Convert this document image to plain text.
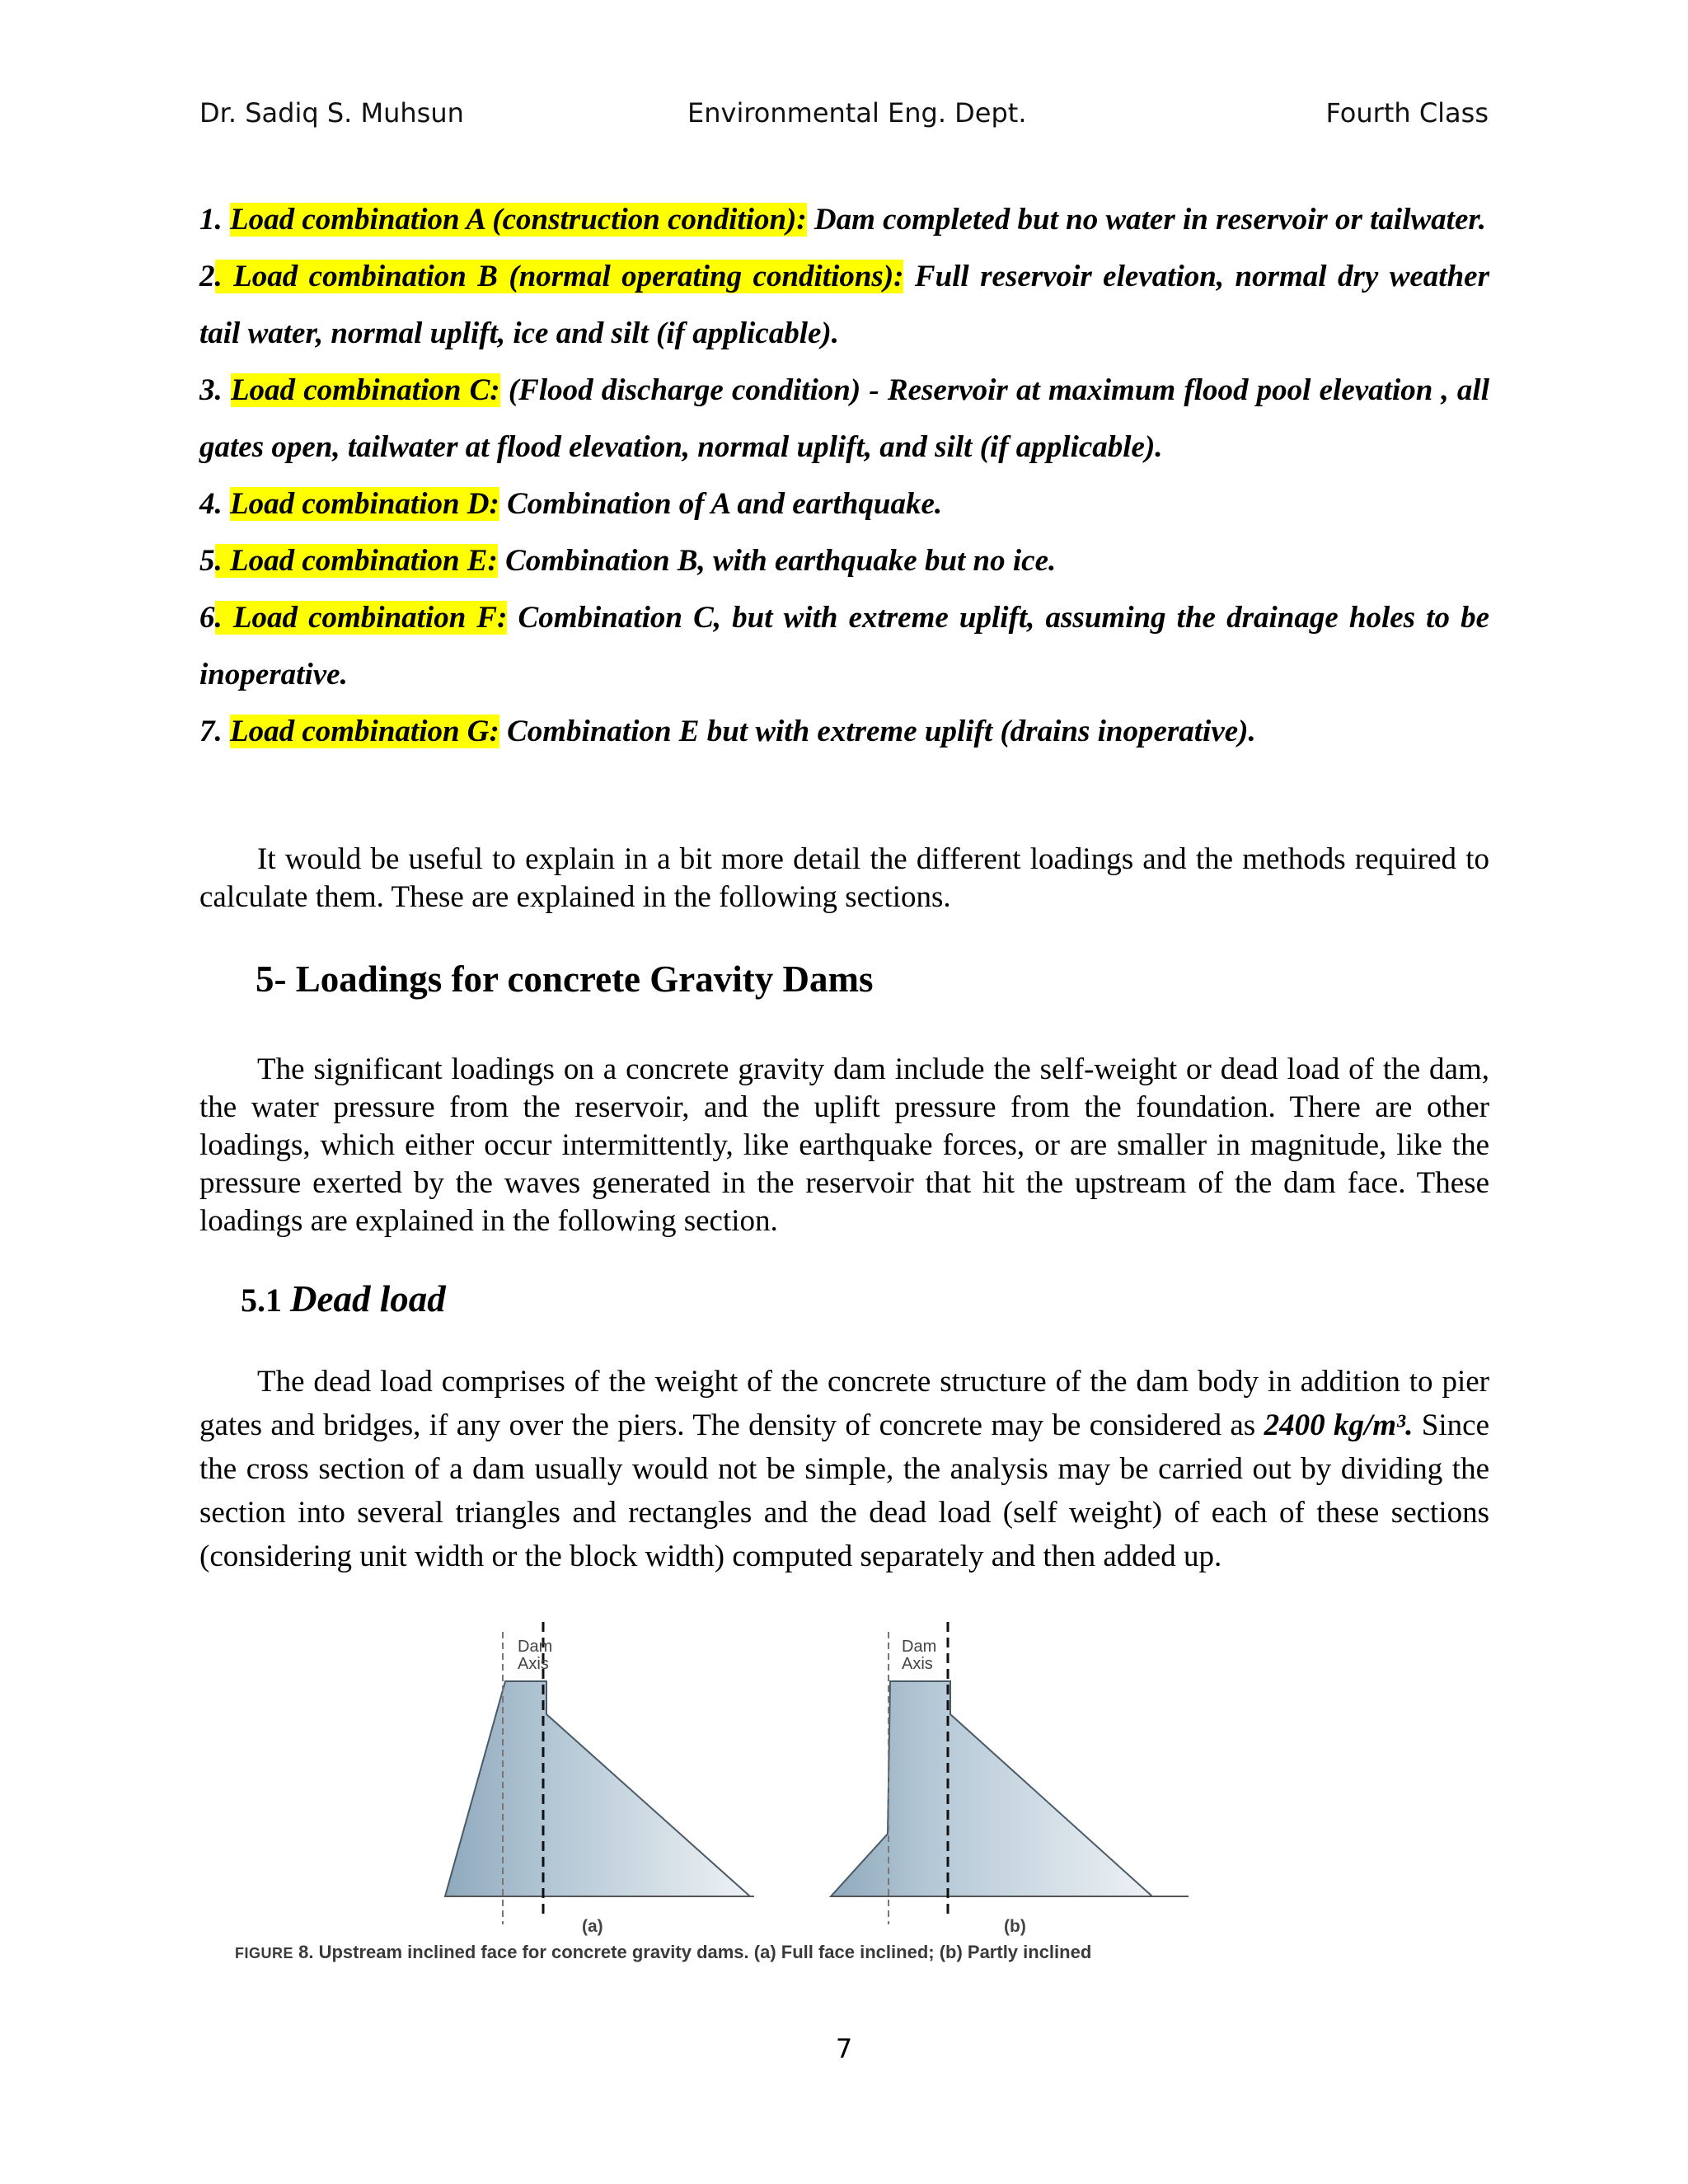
Dr. Sadiq S. Muhsun	Environmental Eng. Dept.	Fourth Class
1. Load combination A (construction condition): Dam completed but no water in reservoir or tailwater.
2. Load combination B (normal operating conditions): Full reservoir elevation, normal dry weather tail water, normal uplift, ice and silt (if applicable).
3. Load combination C: (Flood discharge condition) - Reservoir at maximum flood pool elevation , all gates open, tailwater at flood elevation, normal uplift, and silt (if applicable).
4. Load combination D: Combination of A and earthquake.
5. Load combination E: Combination B, with earthquake but no ice.
6. Load combination F: Combination C, but with extreme uplift, assuming the drainage holes to be inoperative.
7. Load combination G: Combination E but with extreme uplift (drains inoperative).
It would be useful to explain in a bit more detail the different loadings and the methods required to calculate them. These are explained in the following sections.
5- Loadings for concrete Gravity Dams
The significant loadings on a concrete gravity dam include the self-weight or dead load of the dam, the water pressure from the reservoir, and the uplift pressure from the foundation. There are other loadings, which either occur intermittently, like earthquake forces, or are smaller in magnitude, like the pressure exerted by the waves generated in the reservoir that hit the upstream of the dam face. These loadings are explained in the following section.
5.1 Dead load
The dead load comprises of the weight of the concrete structure of the dam body in addition to pier gates and bridges, if any over the piers. The density of concrete may be considered as 2400 kg/m³. Since the cross section of a dam usually would not be simple, the analysis may be carried out by dividing the section into several triangles and rectangles and the dead load (self weight) of each of these sections (considering unit width or the block width) computed separately and then added up.
Dam
Axis
Dam
Axis
(a)	(b)
FIGURE 8. Upstream inclined face for concrete gravity dams. (a) Full face inclined; (b) Partly inclined
7
